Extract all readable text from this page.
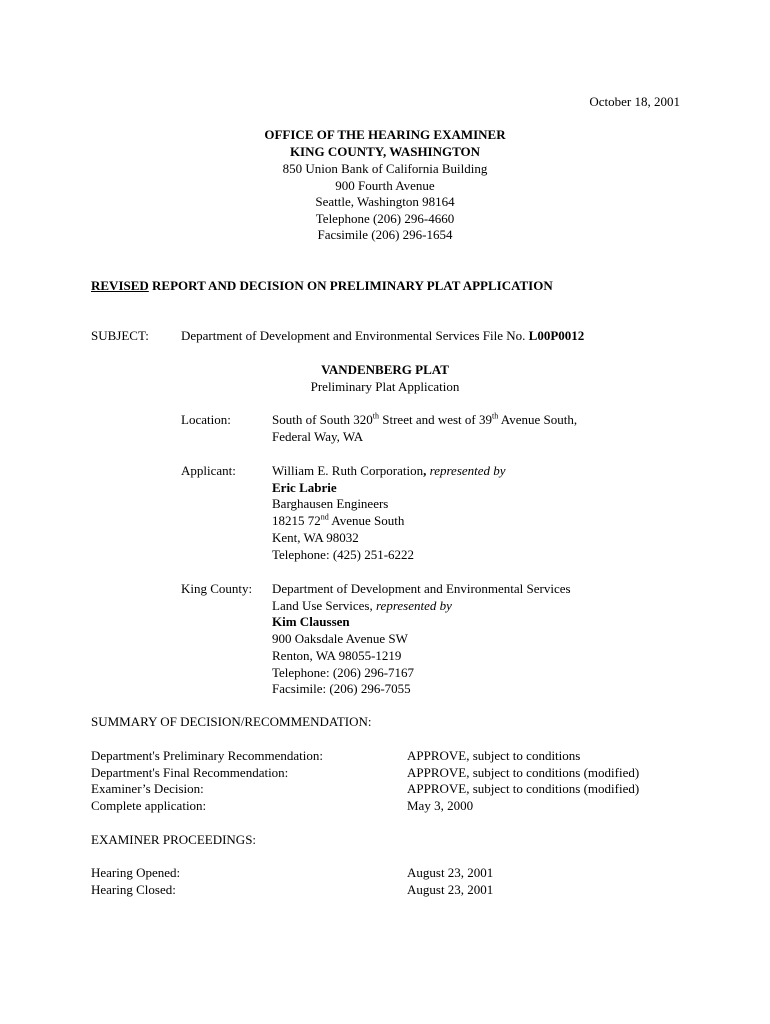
October 18, 2001
OFFICE OF THE HEARING EXAMINER
KING COUNTY, WASHINGTON
850 Union Bank of California Building
900 Fourth Avenue
Seattle, Washington 98164
Telephone (206) 296-4660
Facsimile (206) 296-1654
REVISED REPORT AND DECISION ON PRELIMINARY PLAT APPLICATION
SUBJECT: Department of Development and Environmental Services File No. L00P0012
VANDENBERG PLAT
Preliminary Plat Application
Location:	South of South 320th Street and west of 39th Avenue South,
Federal Way, WA
Applicant:	William E. Ruth Corporation, represented by
Eric Labrie
Barghausen Engineers
18215 72nd Avenue South
Kent, WA 98032
Telephone: (425) 251-6222
King County: Department of Development and Environmental Services
Land Use Services, represented by
Kim Claussen
900 Oaksdale Avenue SW
Renton, WA 98055-1219
Telephone: (206) 296-7167
Facsimile: (206) 296-7055
SUMMARY OF DECISION/RECOMMENDATION:
Department's Preliminary Recommendation:	APPROVE, subject to conditions
Department's Final Recommendation:	APPROVE, subject to conditions (modified)
Examiner’s Decision:	APPROVE, subject to conditions (modified)
Complete application:	May 3, 2000
EXAMINER PROCEEDINGS:
Hearing Opened:	August 23, 2001
Hearing Closed:	August 23, 2001
